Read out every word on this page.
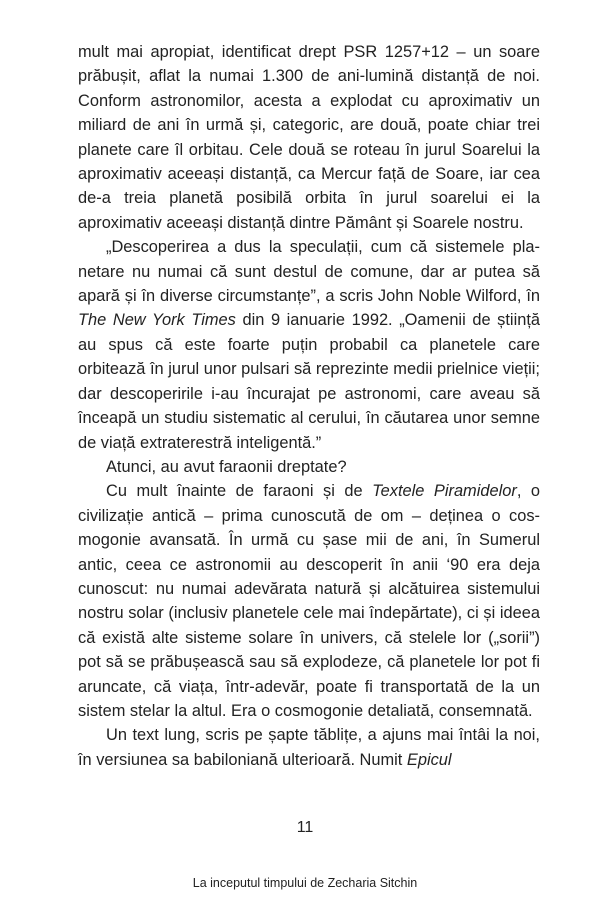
mult mai apropiat, identificat drept PSR 1257+12 – un soare prăbușit, aflat la numai 1.300 de ani-lumină distanță de noi. Conform astronomilor, acesta a explodat cu aproximativ un miliard de ani în urmă și, categoric, are două, poate chiar trei planete care îl orbitau. Cele două se roteau în jurul Soarelui la aproximativ aceeași distanță, ca Mercur față de Soare, iar cea de-a treia planetă posibilă orbita în jurul soarelui ei la aproximativ aceeași distanță dintre Pământ și Soarele nostru.

„Descoperirea a dus la speculații, cum că sistemele planetare nu numai că sunt destul de comune, dar ar putea să apară și în diverse circumstanțe”, a scris John Noble Wilford, în The New York Times din 9 ianuarie 1992. „Oamenii de știință au spus că este foarte puțin probabil ca planetele care orbitează în jurul unor pulsari să reprezinte medii prielnice vieții; dar descoperirile i-au încurajat pe astronomi, care aveau să înceapă un studiu sistematic al cerului, în căutarea unor semne de viață extraterestră inteligentă.”

Atunci, au avut faraonii dreptate?

Cu mult înainte de faraoni și de Textele Piramidelor, o civilizație antică – prima cunoscută de om – deținea o cosmogonie avansată. În urmă cu șase mii de ani, în Sumerul antic, ceea ce astronomii au descoperit în anii ‘90 era deja cunoscut: nu numai adevărata natură și alcătuirea sistemului nostru solar (inclusiv planetele cele mai îndepărtate), ci și ideea că există alte sisteme solare în univers, că stelele lor („sorii”) pot să se prăbușească sau să explodeze, că planetele lor pot fi aruncate, că viața, într-adevăr, poate fi transportată de la un sistem stelar la altul. Era o cosmogonie detaliată, consemnată.

Un text lung, scris pe șapte tăblițe, a ajuns mai întâi la noi, în versiunea sa babiloniană ulterioară. Numit Epicul

11
La inceputul timpului de Zecharia Sitchin
